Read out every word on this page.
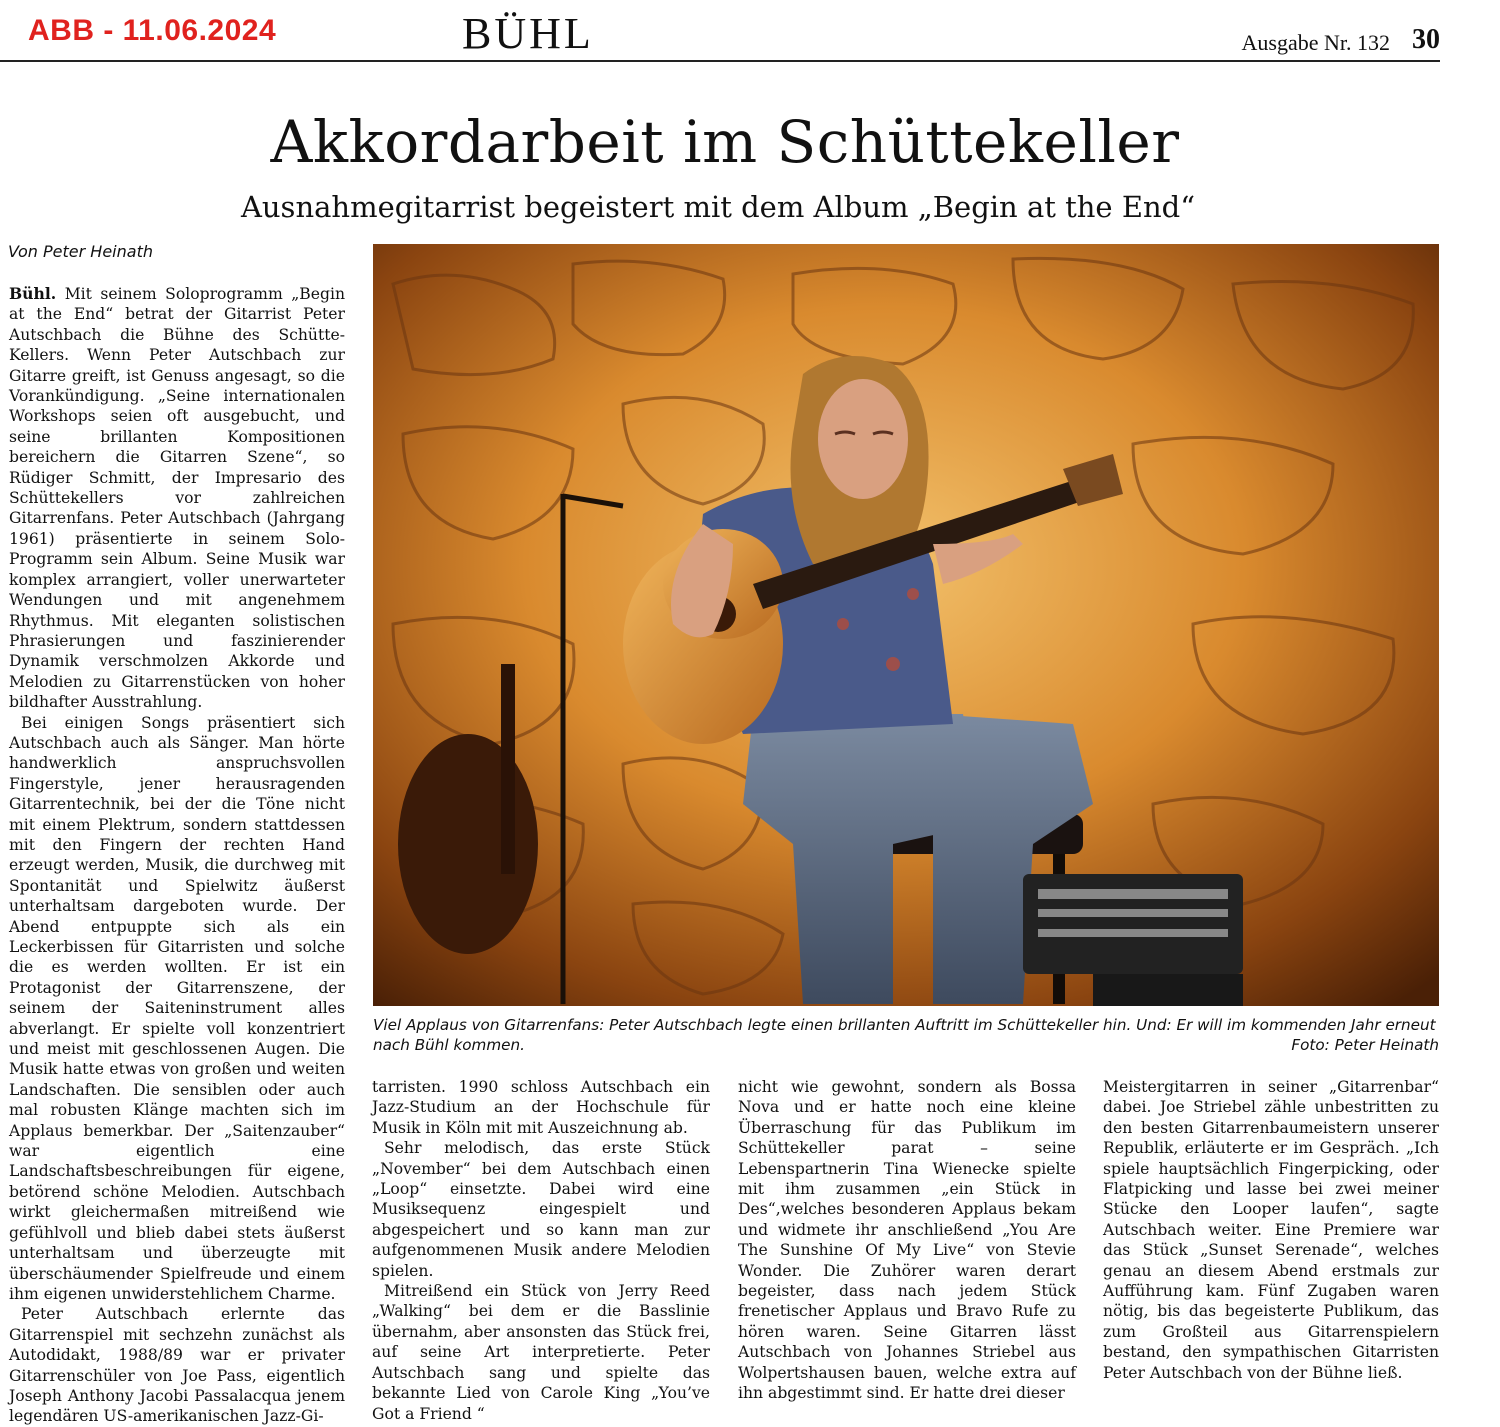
ABB - 11.06.2024	BÜHL	Ausgabe Nr. 132 30
Akkordarbeit im Schüttekeller
Ausnahmegitarrist begeistert mit dem Album „Begin at the End“
Von Peter Heinath

Bühl. Mit seinem Soloprogramm „Begin at the End“ betrat der Gitarrist Peter Autschbach die Bühne des Schütte-Kellers. Wenn Peter Autschbach zur Gitarre greift, ist Genuss angesagt, so die Vorankündigung. „Seine internationalen Workshops seien oft ausgebucht, und seine brillanten Kompositionen bereichern die Gitarren Szene“, so Rüdiger Schmitt, der Impresario des Schüttekellers vor zahlreichen Gitarrenfans. Peter Autschbach (Jahrgang 1961) präsentierte in seinem Solo-Programm sein Album. Seine Musik war komplex arrangiert, voller unerwarteter Wendungen und mit angenehmem Rhythmus. Mit eleganten solistischen Phrasierungen und faszinierender Dynamik verschmolzen Akkorde und Melodien zu Gitarrenstücken von hoher bildhafter Ausstrahlung.

Bei einigen Songs präsentiert sich Autschbach auch als Sänger. Man hörte handwerklich anspruchsvollen Fingerstyle, jener herausragenden Gitarrentechnik, bei der die Töne nicht mit einem Plektrum, sondern stattdessen mit den Fingern der rechten Hand erzeugt werden, Musik, die durchweg mit Spontanität und Spielwitz äußerst unterhaltsam dargeboten wurde. Der Abend entpuppte sich als ein Leckerbissen für Gitarristen und solche die es werden wollten. Er ist ein Protagonist der Gitarrenszene, der seinem der Saiteninstrument alles abverlangt. Er spielte voll konzentriert und meist mit geschlossenen Augen. Die Musik hatte etwas von großen und weiten Landschaften. Die sensiblen oder auch mal robusten Klänge machten sich im Applaus bemerkbar. Der „Saitenzauber“ war eigentlich eine Landschaftsbeschreibungen für eigene, betörend schöne Melodien. Autschbach wirkt gleichermaßen mitreißend wie gefühlvoll und blieb dabei stets äußerst unterhaltsam und überzeugte mit überschäumender Spielfreude und einem ihm eigenen unwiderstehlichem Charme.

Peter Autschbach erlernte das Gitarrenspiel mit sechzehn zunächst als Autodidakt, 1988/89 war er privater Gitarrenschüler von Joe Pass, eigentlich Joseph Anthony Jacobi Passalacqua jenem legendären US-amerikanischen Jazz-Gi-

Viel Applaus von Gitarrenfans: Peter Autschbach legte einen brillanten Auftritt im Schüttekeller hin. Und: Er will im kommenden Jahr erneut nach Bühl kommen.	Foto: Peter Heinath

tarristen. 1990 schloss Autschbach ein Jazz-Studium an der Hochschule für Musik in Köln mit mit Auszeichnung ab.

Sehr melodisch, das erste Stück „November“ bei dem Autschbach einen „Loop“ einsetzte. Dabei wird eine Musiksequenz eingespielt und abgespeichert und so kann man zur aufgenommenen Musik andere Melodien spielen.

Mitreißend ein Stück von Jerry Reed „Walking“ bei dem er die Basslinie übernahm, aber ansonsten das Stück frei, auf seine Art interpretierte. Peter Autschbach sang und spielte das bekannte Lied von Carole King „You’ve Got a Friend “

nicht wie gewohnt, sondern als Bossa Nova und er hatte noch eine kleine Überraschung für das Publikum im Schüttekeller parat – seine Lebenspartnerin Tina Wienecke spielte mit ihm zusammen „ein Stück in Des“,welches besonderen Applaus bekam und widmete ihr anschließend „You Are The Sunshine Of My Live“ von Stevie Wonder. Die Zuhörer waren derart begeister, dass nach jedem Stück frenetischer Applaus und Bravo Rufe zu hören waren. Seine Gitarren lässt Autschbach von Johannes Striebel aus Wolpertshausen bauen, welche extra auf ihn abgestimmt sind. Er hatte drei dieser

Meistergitarren in seiner „Gitarrenbar“ dabei. Joe Striebel zähle unbestritten zu den besten Gitarrenbaumeistern unserer Republik, erläuterte er im Gespräch. „Ich spiele hauptsächlich Fingerpicking, oder Flatpicking und lasse bei zwei meiner Stücke den Looper laufen“, sagte Autschbach weiter. Eine Premiere war das Stück „Sunset Serenade“, welches genau an diesem Abend erstmals zur Aufführung kam. Fünf Zugaben waren nötig, bis das begeisterte Publikum, das zum Großteil aus Gitarrenspielern bestand, den sympathischen Gitarristen Peter Autschbach von der Bühne ließ.
